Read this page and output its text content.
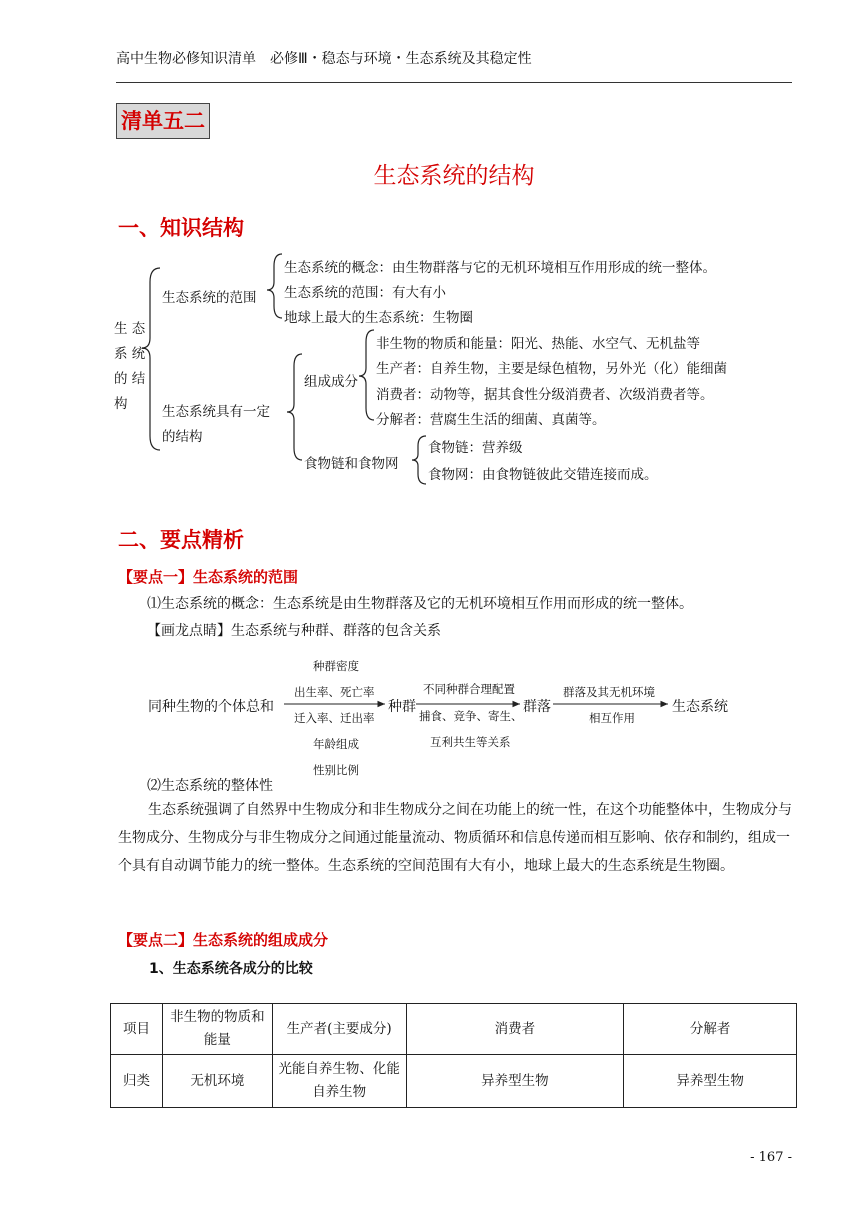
高中生物必修知识清单　必修Ⅲ・稳态与环境・生态系统及其稳定性
清单五二
生态系统的结构
一、知识结构
生 态
系 统
的 结
构
生态系统的范围
生态系统的概念：由生物群落与它的无机环境相互作用形成的统一整体。
生态系统的范围：有大有小
地球上最大的生态系统：生物圈
生态系统具有一定
的结构
组成成分
非生物的物质和能量：阳光、热能、水空气、无机盐等
生产者：自养生物，主要是绿色植物，另外光（化）能细菌
消费者：动物等，据其食性分级消费者、次级消费者等。
分解者：营腐生生活的细菌、真菌等。
食物链和食物网
食物链：营养级
食物网：由食物链彼此交错连接而成。
二、要点精析
【要点一】生态系统的范围
⑴生态系统的概念：生态系统是由生物群落及它的无机环境相互作用而形成的统一整体。
【画龙点睛】生态系统与种群、群落的包含关系
同种生物的个体总和
种群密度
出生率、死亡率
迁入率、迁出率
年龄组成
性别比例
种群
不同种群合理配置
捕食、竞争、寄生、
互利共生等关系
群落
群落及其无机环境
相互作用
生态系统
⑵生态系统的整体性
生态系统强调了自然界中生物成分和非生物成分之间在功能上的统一性，在这个功能整体中，生物成分与生物成分、生物成分与非生物成分之间通过能量流动、物质循环和信息传递而相互影响、依存和制约，组成一个具有自动调节能力的统一整体。生态系统的空间范围有大有小，地球上最大的生态系统是生物圈。
【要点二】生态系统的组成成分
1、生态系统各成分的比较
项目	非生物的物质和能量	生产者(主要成分)	消费者	分解者
归类	无机环境	光能自养生物、化能自养生物	异养型生物	异养型生物
- 167 -
